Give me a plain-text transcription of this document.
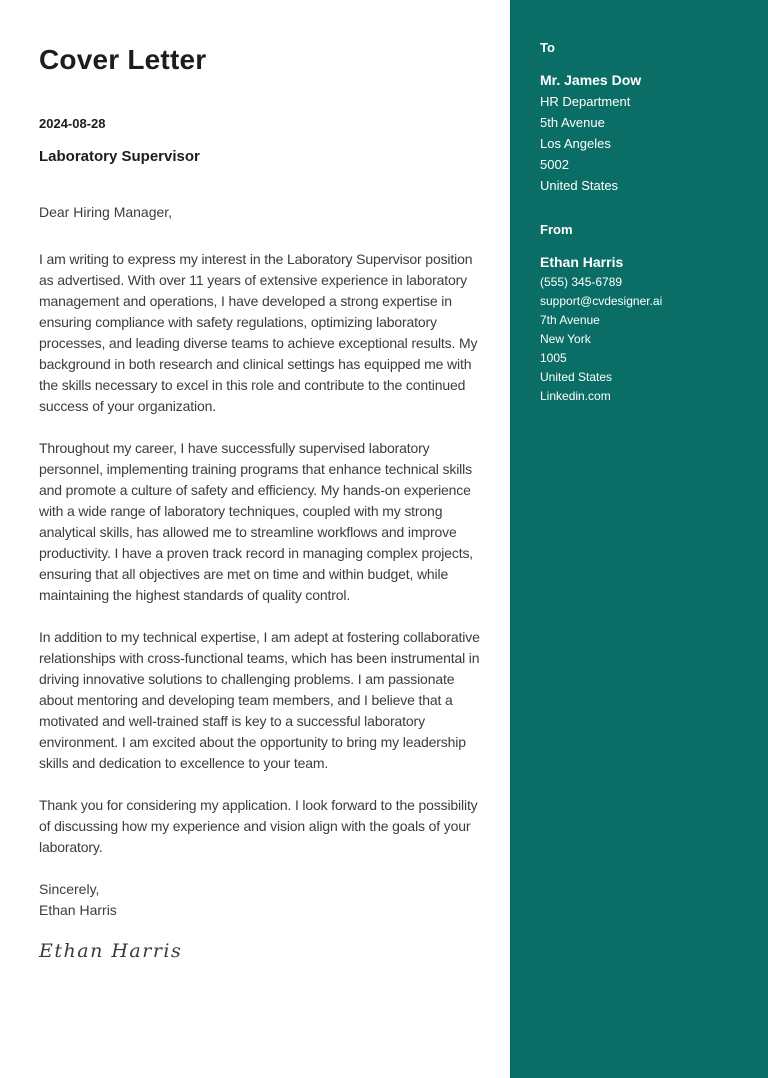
Cover Letter

2024-08-28

Laboratory Supervisor

Dear Hiring Manager,

I am writing to express my interest in the Laboratory Supervisor position as advertised. With over 11 years of extensive experience in laboratory management and operations, I have developed a strong expertise in ensuring compliance with safety regulations, optimizing laboratory processes, and leading diverse teams to achieve exceptional results. My background in both research and clinical settings has equipped me with the skills necessary to excel in this role and contribute to the continued success of your organization.

Throughout my career, I have successfully supervised laboratory personnel, implementing training programs that enhance technical skills and promote a culture of safety and efficiency. My hands-on experience with a wide range of laboratory techniques, coupled with my strong analytical skills, has allowed me to streamline workflows and improve productivity. I have a proven track record in managing complex projects, ensuring that all objectives are met on time and within budget, while maintaining the highest standards of quality control.

In addition to my technical expertise, I am adept at fostering collaborative relationships with cross-functional teams, which has been instrumental in driving innovative solutions to challenging problems. I am passionate about mentoring and developing team members, and I believe that a motivated and well-trained staff is key to a successful laboratory environment. I am excited about the opportunity to bring my leadership skills and dedication to excellence to your team.

Thank you for considering my application. I look forward to the possibility of discussing how my experience and vision align with the goals of your laboratory.

Sincerely,

Ethan Harris

Ethan Harris
To

Mr. James Dow

HR Department

5th Avenue

Los Angeles

5002

United States

From

Ethan Harris

(555) 345-6789

support@cvdesigner.ai

7th Avenue

New York

1005

United States

Linkedin.com
